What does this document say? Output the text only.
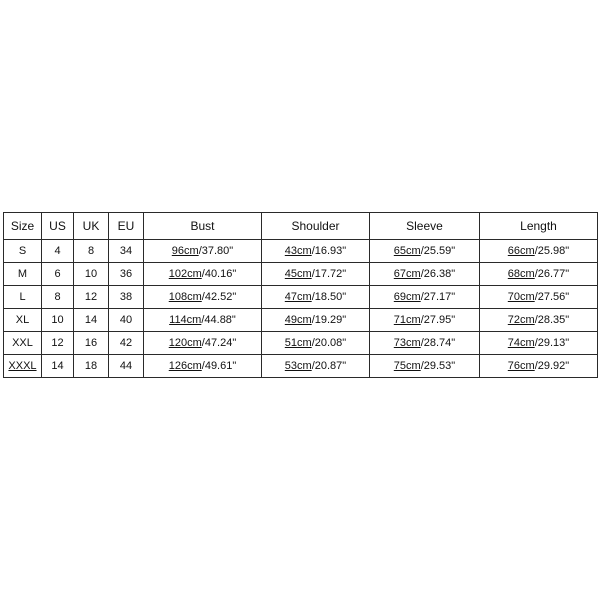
Size	US	UK	EU	Bust	Shoulder	Sleeve	Length
S	4	8	34	96cm/37.80"	43cm/16.93"	65cm/25.59"	66cm/25.98"
M	6	10	36	102cm/40.16"	45cm/17.72"	67cm/26.38"	68cm/26.77"
L	8	12	38	108cm/42.52"	47cm/18.50"	69cm/27.17"	70cm/27.56"
XL	10	14	40	114cm/44.88"	49cm/19.29"	71cm/27.95"	72cm/28.35"
XXL	12	16	42	120cm/47.24"	51cm/20.08"	73cm/28.74"	74cm/29.13"
XXXL	14	18	44	126cm/49.61"	53cm/20.87"	75cm/29.53"	76cm/29.92"
